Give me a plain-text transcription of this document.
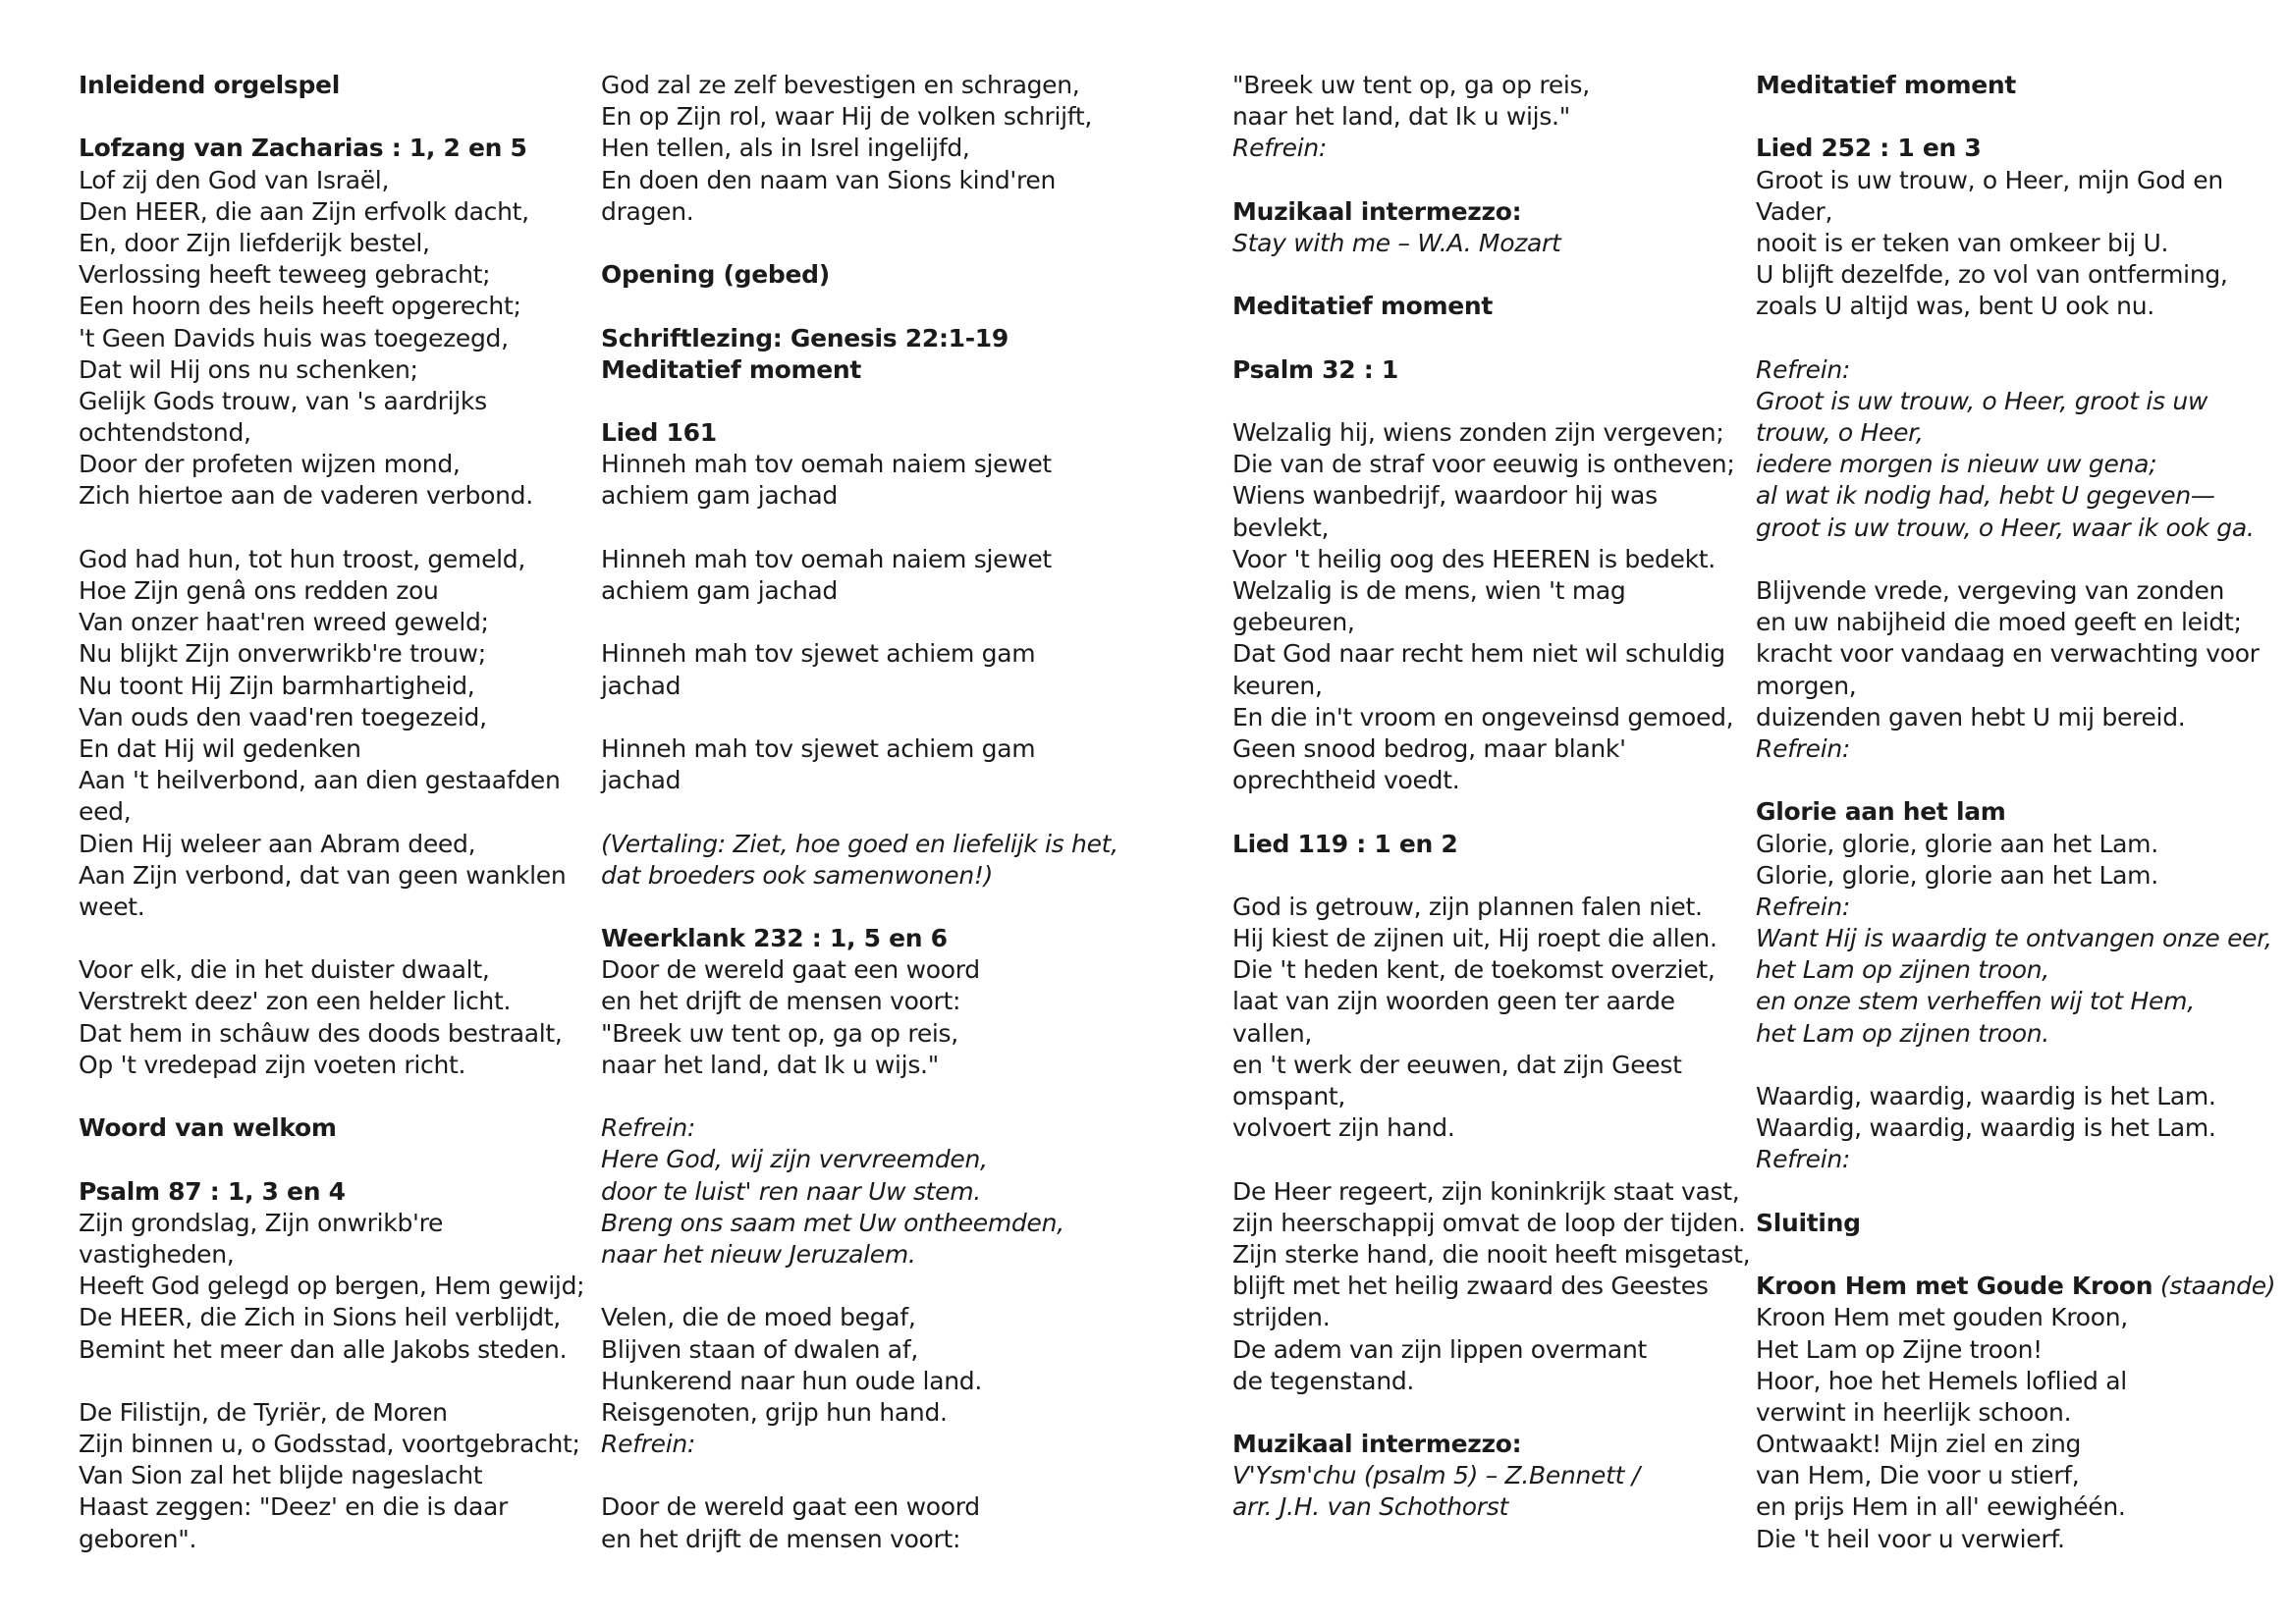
Inleidend orgelspel
Lofzang van Zacharias : 1, 2 en 5
Lof zij den God van Israël,
Den HEER, die aan Zijn erfvolk dacht,
En, door Zijn liefderijk bestel,
Verlossing heeft teweeg gebracht;
Een hoorn des heils heeft opgerecht;
't Geen Davids huis was toegezegd,
Dat wil Hij ons nu schenken;
Gelijk Gods trouw, van 's aardrijks
ochtendstond,
Door der profeten wijzen mond,
Zich hiertoe aan de vaderen verbond.
God had hun, tot hun troost, gemeld,
Hoe Zijn genâ ons redden zou
Van onzer haat'ren wreed geweld;
Nu blijkt Zijn onverwrikb're trouw;
Nu toont Hij Zijn barmhartigheid,
Van ouds den vaad'ren toegezeid,
En dat Hij wil gedenken
Aan 't heilverbond, aan dien gestaafden
eed,
Dien Hij weleer aan Abram deed,
Aan Zijn verbond, dat van geen wanklen
weet.
Voor elk, die in het duister dwaalt,
Verstrekt deez' zon een helder licht.
Dat hem in schâuw des doods bestraalt,
Op 't vredepad zijn voeten richt.
Woord van welkom
Psalm 87 : 1, 3 en 4
Zijn grondslag, Zijn onwrikb're
vastigheden,
Heeft God gelegd op bergen, Hem gewijd;
De HEER, die Zich in Sions heil verblijdt,
Bemint het meer dan alle Jakobs steden.
De Filistijn, de Tyriër, de Moren
Zijn binnen u, o Godsstad, voortgebracht;
Van Sion zal het blijde nageslacht
Haast zeggen: "Deez' en die is daar
geboren".
God zal ze zelf bevestigen en schragen,
En op Zijn rol, waar Hij de volken schrijft,
Hen tellen, als in Isrel ingelijfd,
En doen den naam van Sions kind'ren
dragen.
Opening (gebed)
Schriftlezing: Genesis 22:1-19
Meditatief moment
Lied 161
Hinneh mah tov oemah naiem sjewet
achiem gam jachad
Hinneh mah tov oemah naiem sjewet
achiem gam jachad
Hinneh mah tov sjewet achiem gam
jachad
Hinneh mah tov sjewet achiem gam
jachad
(Vertaling: Ziet, hoe goed en liefelijk is het,
dat broeders ook samenwonen!)
Weerklank 232 : 1, 5 en 6
Door de wereld gaat een woord
en het drijft de mensen voort:
"Breek uw tent op, ga op reis,
naar het land, dat Ik u wijs."
Refrein:
Here God, wij zijn vervreemden,
door te luist' ren naar Uw stem.
Breng ons saam met Uw ontheemden,
naar het nieuw Jeruzalem.
Velen, die de moed begaf,
Blijven staan of dwalen af,
Hunkerend naar hun oude land.
Reisgenoten, grijp hun hand.
Refrein:
Door de wereld gaat een woord
en het drijft de mensen voort:
"Breek uw tent op, ga op reis,
naar het land, dat Ik u wijs."
Refrein:
Muzikaal intermezzo:
Stay with me – W.A. Mozart
Meditatief moment
Psalm 32 : 1
Welzalig hij, wiens zonden zijn vergeven;
Die van de straf voor eeuwig is ontheven;
Wiens wanbedrijf, waardoor hij was
bevlekt,
Voor 't heilig oog des HEEREN is bedekt.
Welzalig is de mens, wien 't mag
gebeuren,
Dat God naar recht hem niet wil schuldig
keuren,
En die in't vroom en ongeveinsd gemoed,
Geen snood bedrog, maar blank'
oprechtheid voedt.
Lied 119 : 1 en 2
God is getrouw, zijn plannen falen niet.
Hij kiest de zijnen uit, Hij roept die allen.
Die 't heden kent, de toekomst overziet,
laat van zijn woorden geen ter aarde
vallen,
en 't werk der eeuwen, dat zijn Geest
omspant,
volvoert zijn hand.
De Heer regeert, zijn koninkrijk staat vast,
zijn heerschappij omvat de loop der tijden.
Zijn sterke hand, die nooit heeft misgetast,
blijft met het heilig zwaard des Geestes
strijden.
De adem van zijn lippen overmant
de tegenstand.
Muzikaal intermezzo:
V'Ysm'chu (psalm 5) – Z.Bennett /
arr. J.H. van Schothorst
Meditatief moment
Lied 252 : 1 en 3
Groot is uw trouw, o Heer, mijn God en
Vader,
nooit is er teken van omkeer bij U.
U blijft dezelfde, zo vol van ontferming,
zoals U altijd was, bent U ook nu.
Refrein:
Groot is uw trouw, o Heer, groot is uw
trouw, o Heer,
iedere morgen is nieuw uw gena;
al wat ik nodig had, hebt U gegeven—
groot is uw trouw, o Heer, waar ik ook ga.
Blijvende vrede, vergeving van zonden
en uw nabijheid die moed geeft en leidt;
kracht voor vandaag en verwachting voor
morgen,
duizenden gaven hebt U mij bereid.
Refrein:
Glorie aan het lam
Glorie, glorie, glorie aan het Lam.
Glorie, glorie, glorie aan het Lam.
Refrein:
Want Hij is waardig te ontvangen onze eer,
het Lam op zijnen troon,
en onze stem verheffen wij tot Hem,
het Lam op zijnen troon.
Waardig, waardig, waardig is het Lam.
Waardig, waardig, waardig is het Lam.
Refrein:
Sluiting
Kroon Hem met Goude Kroon (staande)
Kroon Hem met gouden Kroon,
Het Lam op Zijne troon!
Hoor, hoe het Hemels loflied al
verwint in heerlijk schoon.
Ontwaakt! Mijn ziel en zing
van Hem, Die voor u stierf,
en prijs Hem in all' eewighéén.
Die 't heil voor u verwierf.
